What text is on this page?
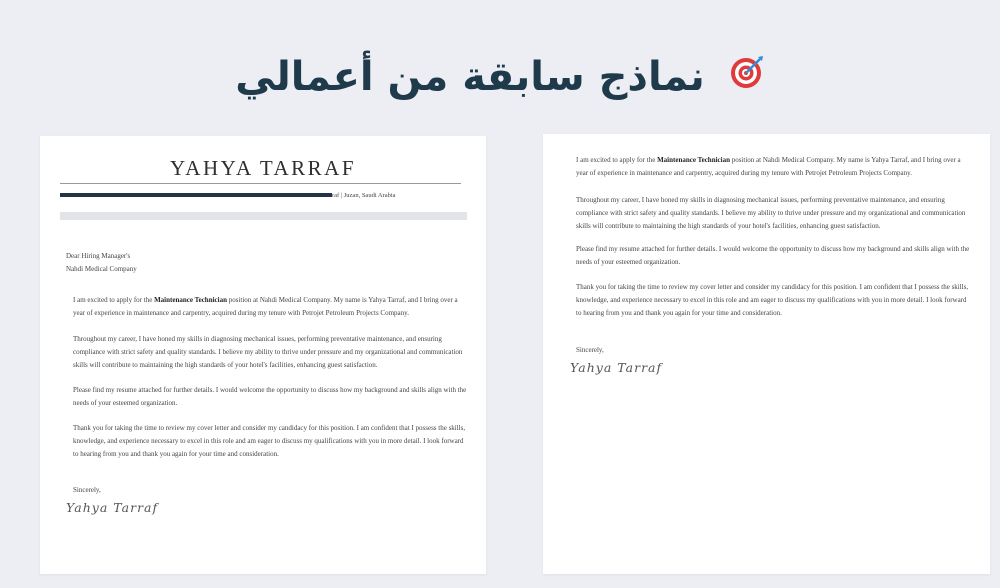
نماذج سابقة من أعمالي
YAHYA TARRAF
raf | Juzan, Saudi Arabia
Dear Hiring Manager's
Nahdi Medical Company

I am excited to apply for the Maintenance Technician position at Nahdi Medical Company. My name is Yahya Tarraf, and I bring over a year of experience in maintenance and carpentry, acquired during my tenure with Petrojet Petroleum Projects Company.

Throughout my career, I have honed my skills in diagnosing mechanical issues, performing preventative maintenance, and ensuring compliance with strict safety and quality standards. I believe my ability to thrive under pressure and my organizational and communication skills will contribute to maintaining the high standards of your hotel's facilities, enhancing guest satisfaction.
Please find my resume attached for further details. I would welcome the opportunity to discuss how my background and skills align with the needs of your esteemed organization.
Thank you for taking the time to review my cover letter and consider my candidacy for this position. I am confident that I possess the skills, knowledge, and experience necessary to excel in this role and am eager to discuss my qualifications with you in more detail. I look forward to hearing from you and thank you again for your time and consideration.
Sincerely,
Yahya Tarraf

I am excited to apply for the Maintenance Technician position at Nahdi Medical Company. My name is Yahya Tarraf, and I bring over a year of experience in maintenance and carpentry, acquired during my tenure with Petrojet Petroleum Projects Company.

Throughout my career, I have honed my skills in diagnosing mechanical issues, performing preventative maintenance, and ensuring compliance with strict safety and quality standards. I believe my ability to thrive under pressure and my organizational and communication skills will contribute to maintaining the high standards of your hotel's facilities, enhancing guest satisfaction.
Please find my resume attached for further details. I would welcome the opportunity to discuss how my background and skills align with the needs of your esteemed organization.
Thank you for taking the time to review my cover letter and consider my candidacy for this position. I am confident that I possess the skills, knowledge, and experience necessary to excel in this role and am eager to discuss my qualifications with you in more detail. I look forward to hearing from you and thank you again for your time and consideration.
Sincerely,
Yahya Tarraf
